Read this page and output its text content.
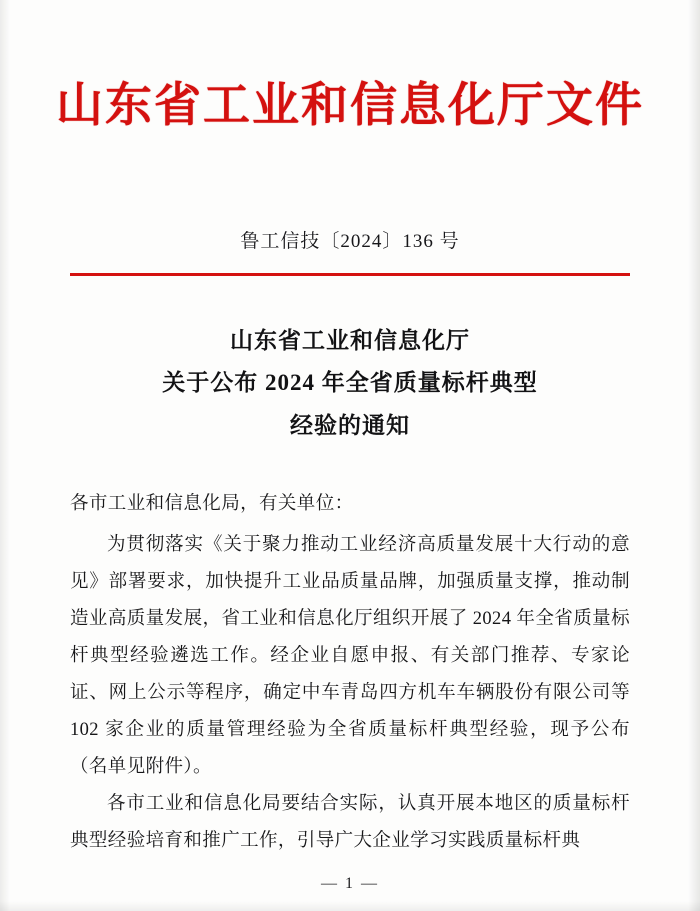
山东省工业和信息化厅文件
鲁工信技〔2024〕136 号
山东省工业和信息化厅
关于公布 2024 年全省质量标杆典型
经验的通知

各市工业和信息化局，有关单位：

为贯彻落实《关于聚力推动工业经济高质量发展十大行动的意见》部署要求，加快提升工业品质量品牌，加强质量支撑，推动制造业高质量发展，省工业和信息化厅组织开展了 2024 年全省质量标杆典型经验遴选工作。经企业自愿申报、有关部门推荐、专家论证、网上公示等程序，确定中车青岛四方机车车辆股份有限公司等 102 家企业的质量管理经验为全省质量标杆典型经验，现予公布（名单见附件）。

各市工业和信息化局要结合实际，认真开展本地区的质量标杆典型经验培育和推广工作，引导广大企业学习实践质量标杆典

— 1 —
